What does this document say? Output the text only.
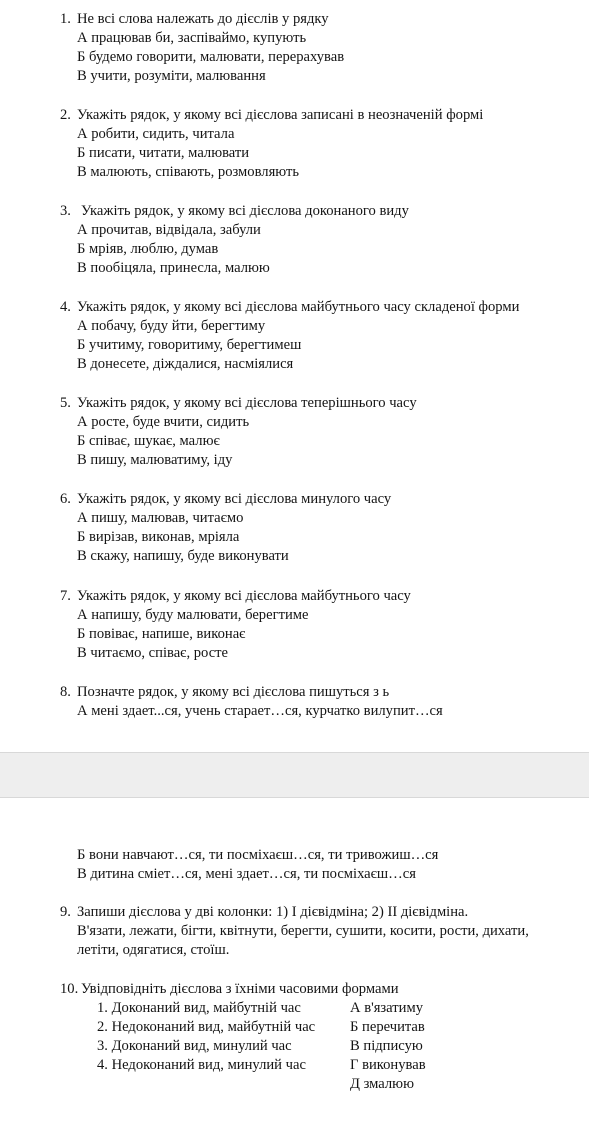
1. Не всі слова належать до дієслів у рядку
А працював би, заспіваймо, купують
Б будемо говорити, малювати, перерахував
В учити, розуміти, малювання
2. Укажіть рядок, у якому всі дієслова записані в неозначеній формі
А робити, сидить, читала
Б писати, читати, малювати
В малюють, співають, розмовляють
3. Укажіть рядок, у якому всі дієслова доконаного виду
А прочитав, відвідала, забули
Б мріяв, люблю, думав
В пообіцяла, принесла, малюю
4. Укажіть рядок, у якому всі дієслова майбутнього часу складеної форми
А побачу, буду йти, берегтиму
Б учитиму, говоритиму, берегтимеш
В донесете, діждалися, насміялися
5. Укажіть рядок, у якому всі дієслова теперішнього часу
А росте, буде вчити, сидить
Б співає, шукає, малює
В пишу, малюватиму, іду
6. Укажіть рядок, у якому всі дієслова минулого часу
А пишу, малював, читаємо
Б вирізав, виконав, мріяла
В скажу, напишу, буде виконувати
7. Укажіть рядок, у якому всі дієслова майбутнього часу
А напишу, буду малювати, берегтиме
Б повіває, напише, виконає
В читаємо, співає, росте
8. Позначте рядок, у якому всі дієслова пишуться з ь
А мені здает...ся, учень старает…ся, курчатко вилупит…ся
Б вони навчают…ся, ти посміхаєш…ся, ти тривожиш…ся
В дитина сміет…ся, мені здает…ся, ти посміхаєш…ся
9. Запиши дієслова у дві колонки: 1) І дієвідміна; 2) ІІ дієвідміна.
В'язати, лежати, бігти, квітнути, берегти, сушити, косити, рости, дихати,
летіти, одягатися, стоїш.
10. Увідповідніть дієслова з їхніми часовими формами
1. Доконаний вид, майбутній час
2. Недоконаний вид, майбутній час
3. Доконаний вид, минулий час
4. Недоконаний вид, минулий час
А в'язатиму
Б перечитав
В підписую
Г виконував
Д змалюю
